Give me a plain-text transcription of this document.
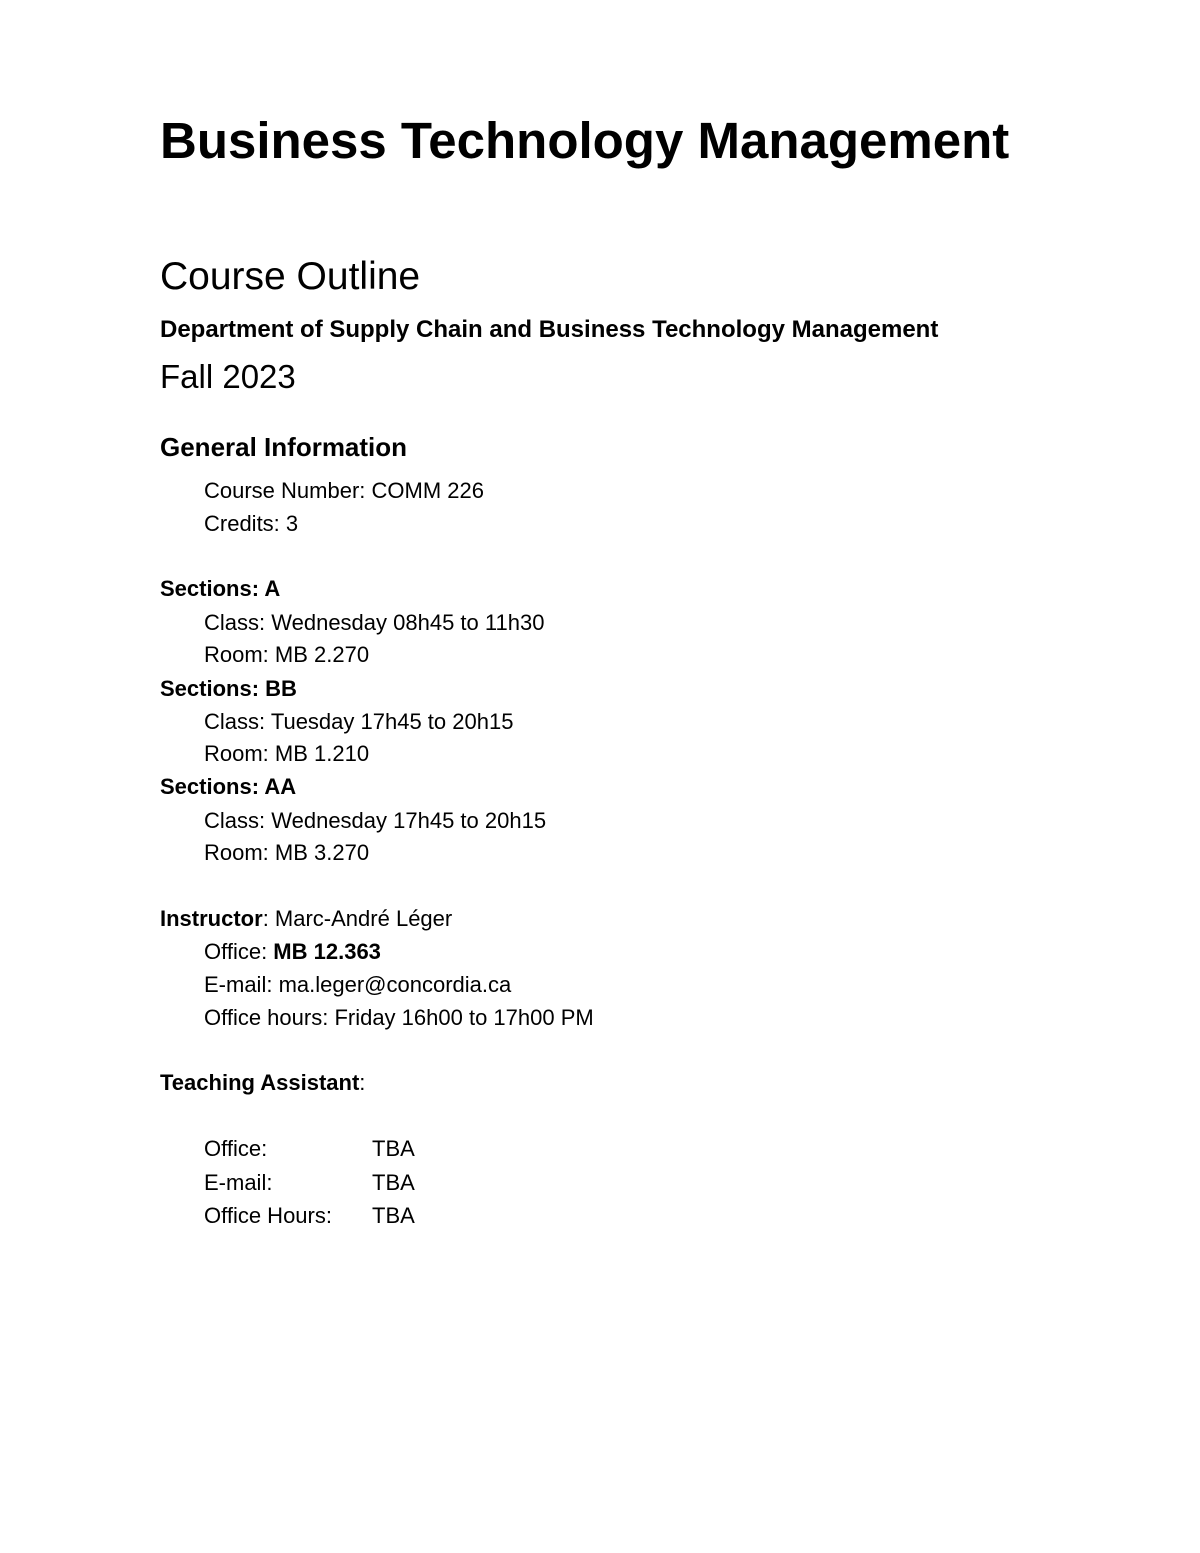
Business Technology Management
Course Outline
Department of Supply Chain and Business Technology Management
Fall 2023
General Information
Course Number: COMM 226
Credits: 3
Sections: A
Class: Wednesday 08h45 to 11h30
Room: MB 2.270
Sections: BB
Class: Tuesday 17h45 to 20h15
Room: MB 1.210
Sections: AA
Class: Wednesday 17h45 to 20h15
Room: MB 3.270
Instructor: Marc-André Léger
Office: MB 12.363
E-mail: ma.leger@concordia.ca
Office hours: Friday 16h00 to 17h00 PM
Teaching Assistant:
Office:	TBA
E-mail:	TBA
Office Hours: TBA
